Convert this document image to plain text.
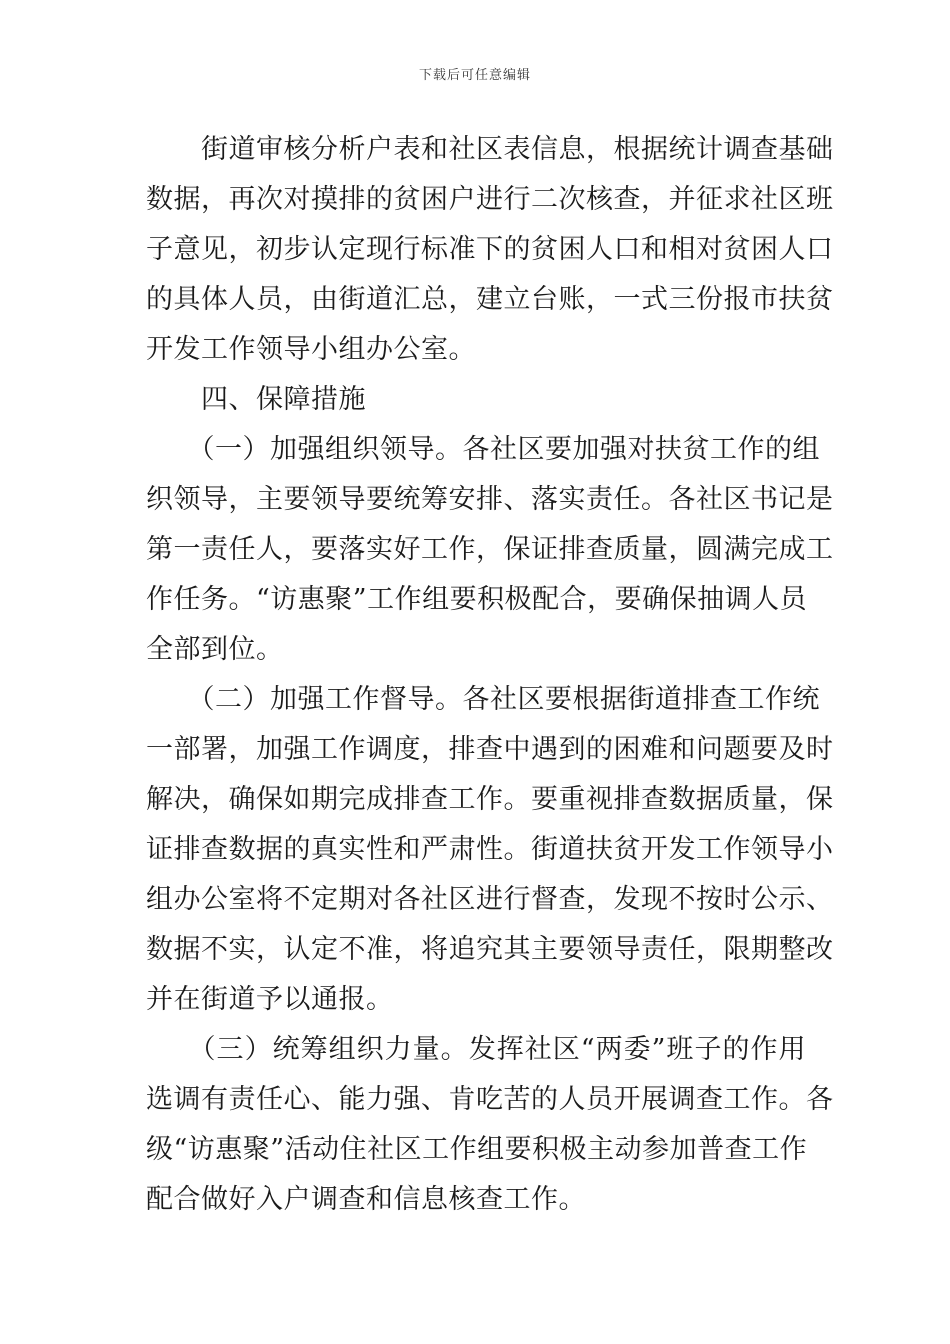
下载后可任意编辑
　　街道审核分析户表和社区表信息，根据统计调查基础
数据，再次对摸排的贫困户进行二次核查，并征求社区班
子意见，初步认定现行标准下的贫困人口和相对贫困人口
的具体人员，由街道汇总，建立台账，一式三份报市扶贫
开发工作领导小组办公室。
　　四、保障措施
　　（一）加强组织领导。各社区要加强对扶贫工作的组
织领导，主要领导要统筹安排、落实责任。各社区书记是
第一责任人，要落实好工作，保证排查质量，圆满完成工
作任务。“访惠聚”工作组要积极配合，要确保抽调人员
全部到位。
　　（二）加强工作督导。各社区要根据街道排查工作统
一部署，加强工作调度，排查中遇到的困难和问题要及时
解决，确保如期完成排查工作。要重视排查数据质量，保
证排查数据的真实性和严肃性。街道扶贫开发工作领导小
组办公室将不定期对各社区进行督查，发现不按时公示、
数据不实，认定不准，将追究其主要领导责任，限期整改
并在街道予以通报。
　　（三）统筹组织力量。发挥社区“两委”班子的作用
选调有责任心、能力强、肯吃苦的人员开展调查工作。各
级“访惠聚”活动住社区工作组要积极主动参加普查工作
配合做好入户调查和信息核查工作。
